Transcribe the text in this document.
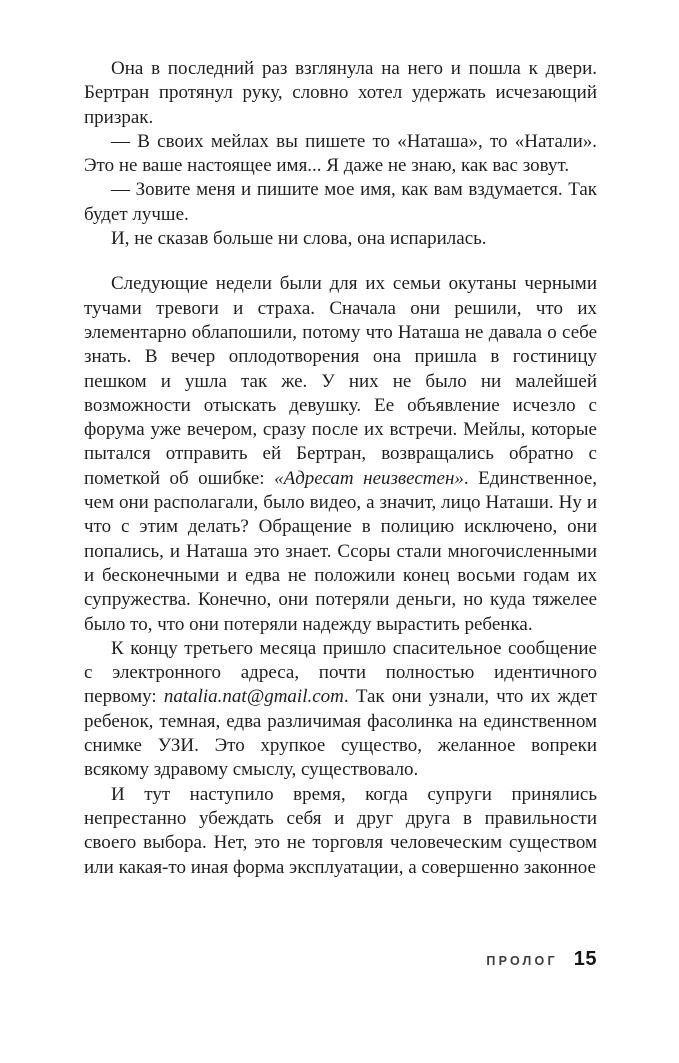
Она в последний раз взглянула на него и пошла к двери. Бертран протянул руку, словно хотел удержать исчезающий призрак.

— В своих мейлах вы пишете то «Наташа», то «Натали». Это не ваше настоящее имя... Я даже не знаю, как вас зовут.

— Зовите меня и пишите мое имя, как вам вздумается. Так будет лучше.

И, не сказав больше ни слова, она испарилась.

Следующие недели были для их семьи окутаны черными тучами тревоги и страха. Сначала они решили, что их элементарно облапошили, потому что Наташа не давала о себе знать. В вечер оплодотворения она пришла в гостиницу пешком и ушла так же. У них не было ни малейшей возможности отыскать девушку. Ее объявление исчезло с форума уже вечером, сразу после их встречи. Мейлы, которые пытался отправить ей Бертран, возвращались обратно с пометкой об ошибке: «Адресат неизвестен». Единственное, чем они располагали, было видео, а значит, лицо Наташи. Ну и что с этим делать? Обращение в полицию исключено, они попались, и Наташа это знает. Ссоры стали многочисленными и бесконечными и едва не положили конец восьми годам их супружества. Конечно, они потеряли деньги, но куда тяжелее было то, что они потеряли надежду вырастить ребенка.

К концу третьего месяца пришло спасительное сообщение с электронного адреса, почти полностью идентичного первому: natalia.nat@gmail.com. Так они узнали, что их ждет ребенок, темная, едва различимая фасолинка на единственном снимке УЗИ. Это хрупкое существо, желанное вопреки всякому здравому смыслу, существовало.

И тут наступило время, когда супруги принялись непрестанно убеждать себя и друг друга в правильности своего выбора. Нет, это не торговля человеческим существом или какая-то иная форма эксплуатации, а совершенно законное

ПРОЛОГ 15
